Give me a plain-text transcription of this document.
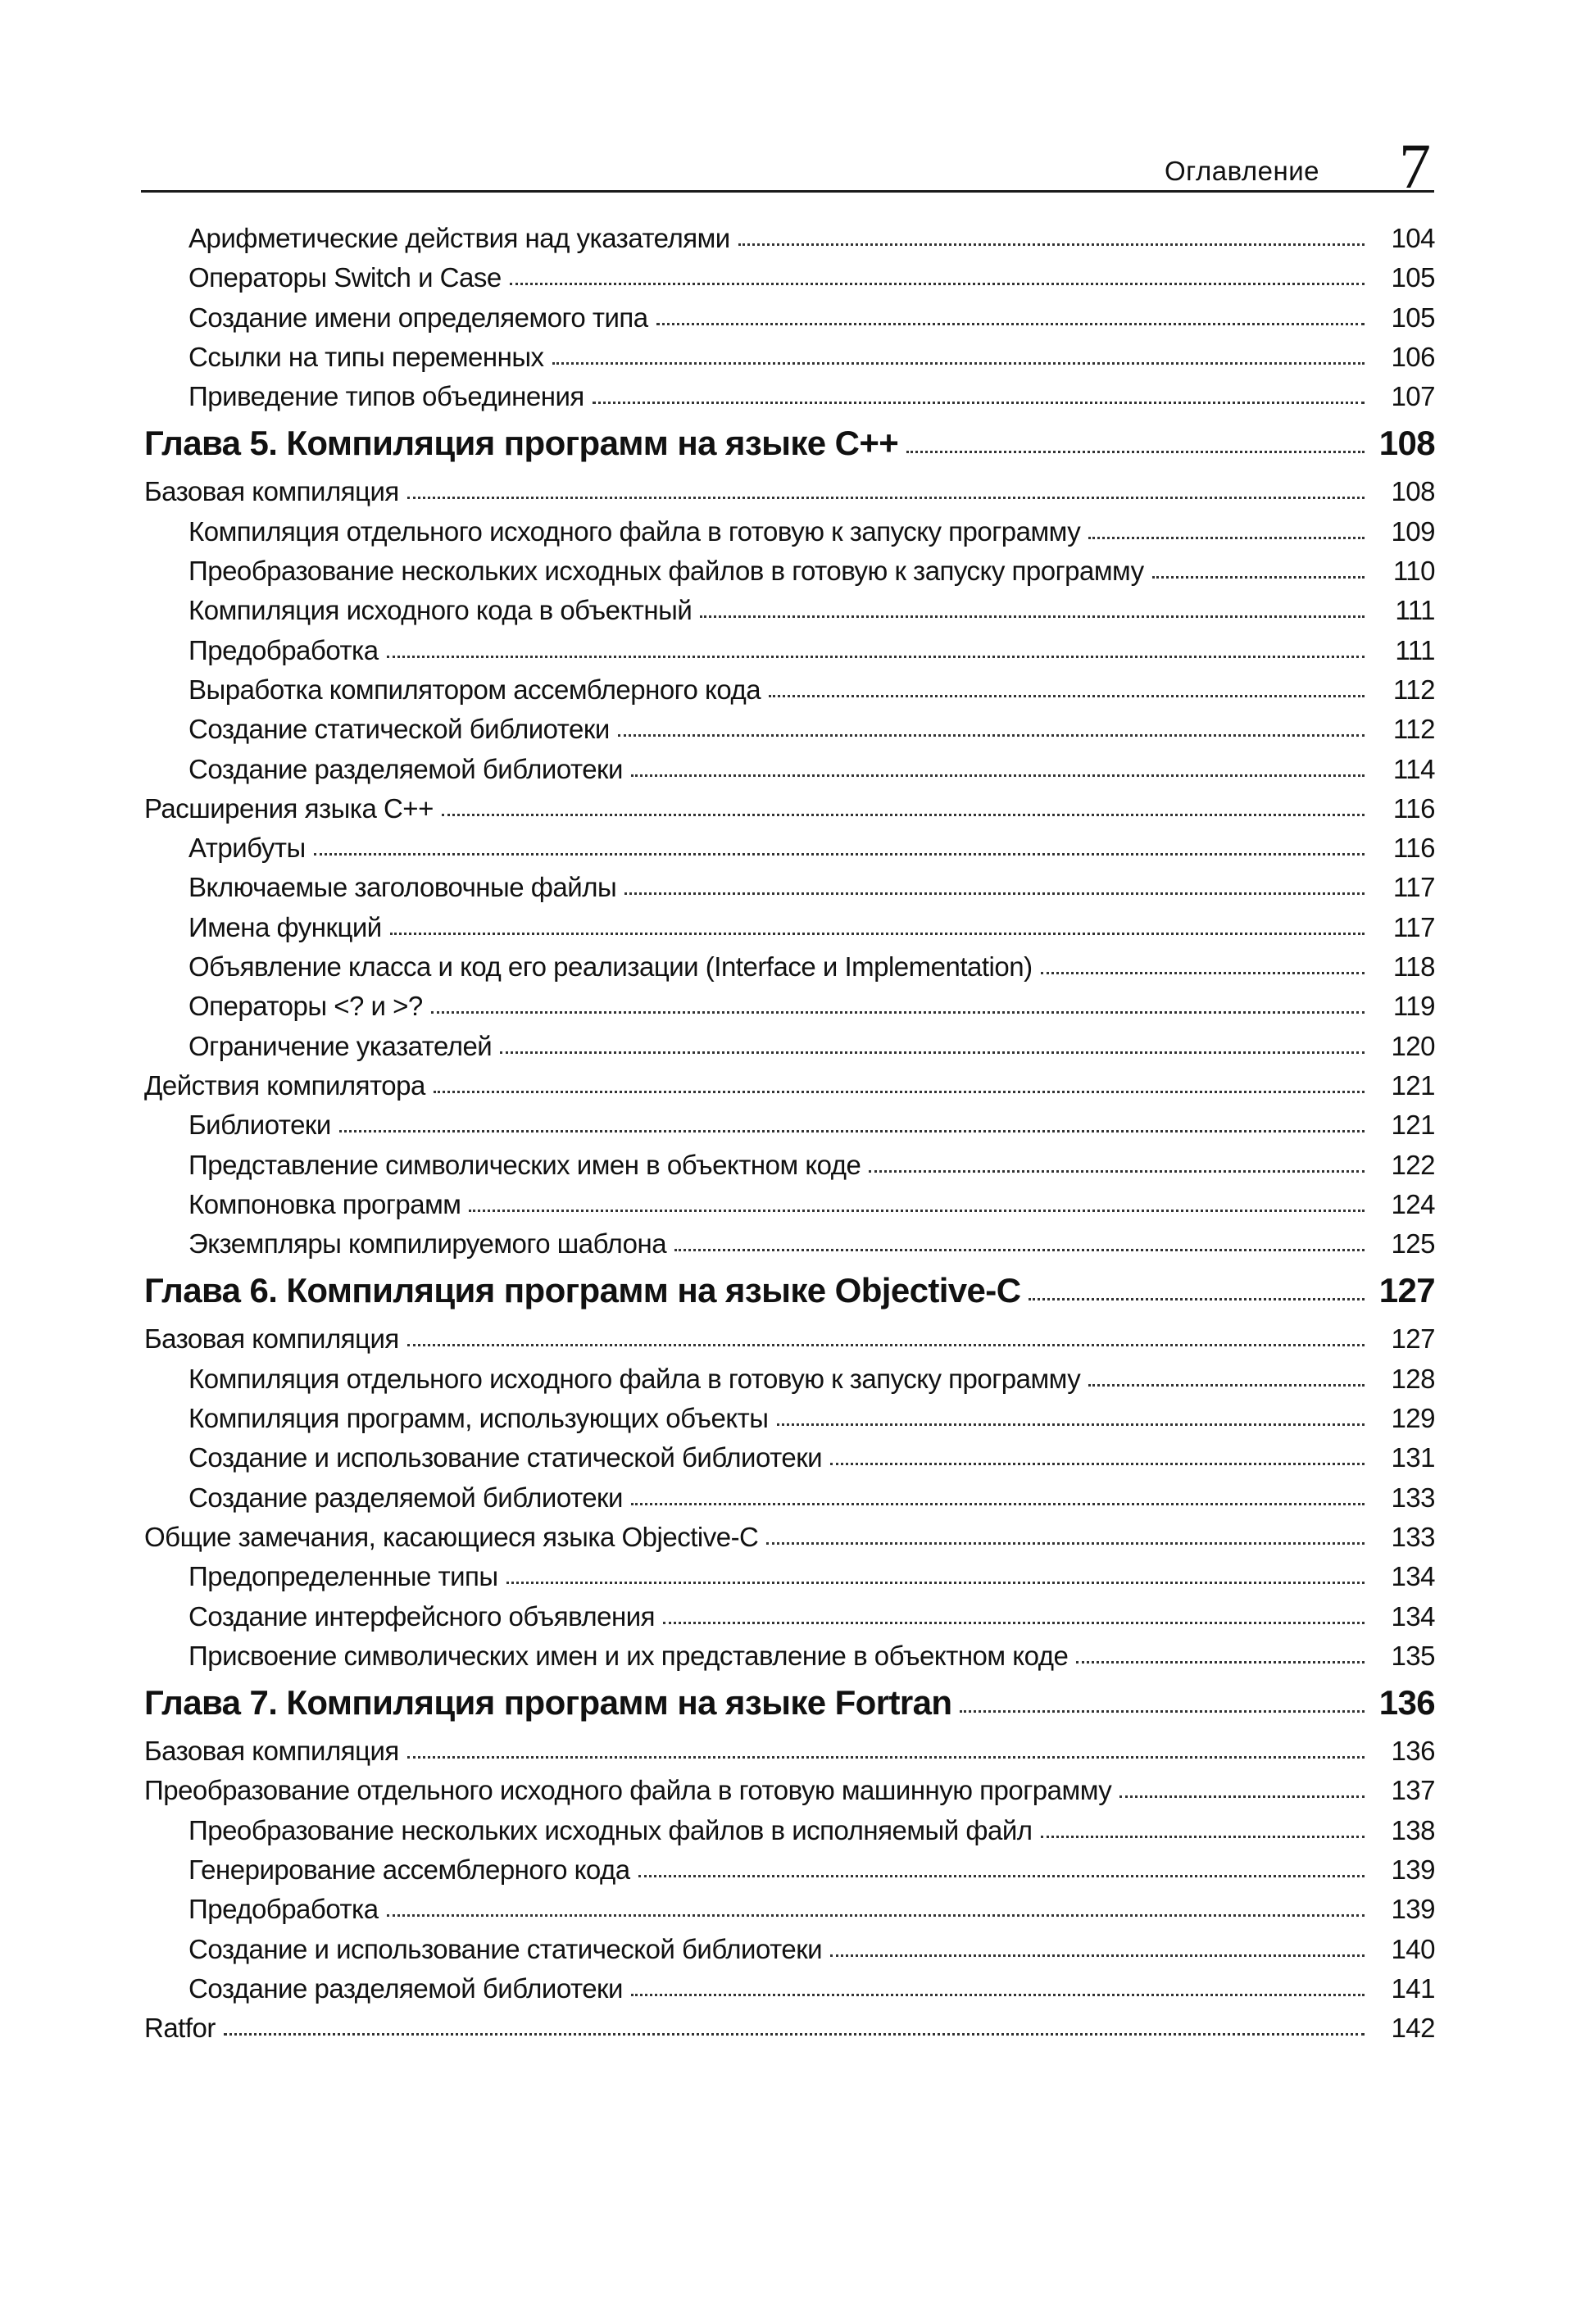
Оглавление 7
Арифметические действия над указателями	104
Операторы Switch и Case	105
Создание имени определяемого типа	105
Ссылки на типы переменных	106
Приведение типов объединения	107
Глава 5. Компиляция программ на языке C++	108
Базовая компиляция	108
Компиляция отдельного исходного файла в готовую к запуску программу	109
Преобразование нескольких исходных файлов в готовую к запуску программу	110
Компиляция исходного кода в объектный	111
Предобработка	111
Выработка компилятором ассемблерного кода	112
Создание статической библиотеки	112
Создание разделяемой библиотеки	114
Расширения языка C++	116
Атрибуты	116
Включаемые заголовочные файлы	117
Имена функций	117
Объявление класса и код его реализации (Interface и Implementation)	118
Операторы <? и >?	119
Ограничение указателей	120
Действия компилятора	121
Библиотеки	121
Представление символических имен в объектном коде	122
Компоновка программ	124
Экземпляры компилируемого шаблона	125
Глава 6. Компиляция программ на языке Objective-C	127
Базовая компиляция	127
Компиляция отдельного исходного файла в готовую к запуску программу	128
Компиляция программ, использующих объекты	129
Создание и использование статической библиотеки	131
Создание разделяемой библиотеки	133
Общие замечания, касающиеся языка Objective-C	133
Предопределенные типы	134
Создание интерфейсного объявления	134
Присвоение символических имен и их представление в объектном коде	135
Глава 7. Компиляция программ на языке Fortran	136
Базовая компиляция	136
Преобразование отдельного исходного файла в готовую машинную программу	137
Преобразование нескольких исходных файлов в исполняемый файл	138
Генерирование ассемблерного кода	139
Предобработка	139
Создание и использование статической библиотеки	140
Создание разделяемой библиотеки	141
Ratfor	142
